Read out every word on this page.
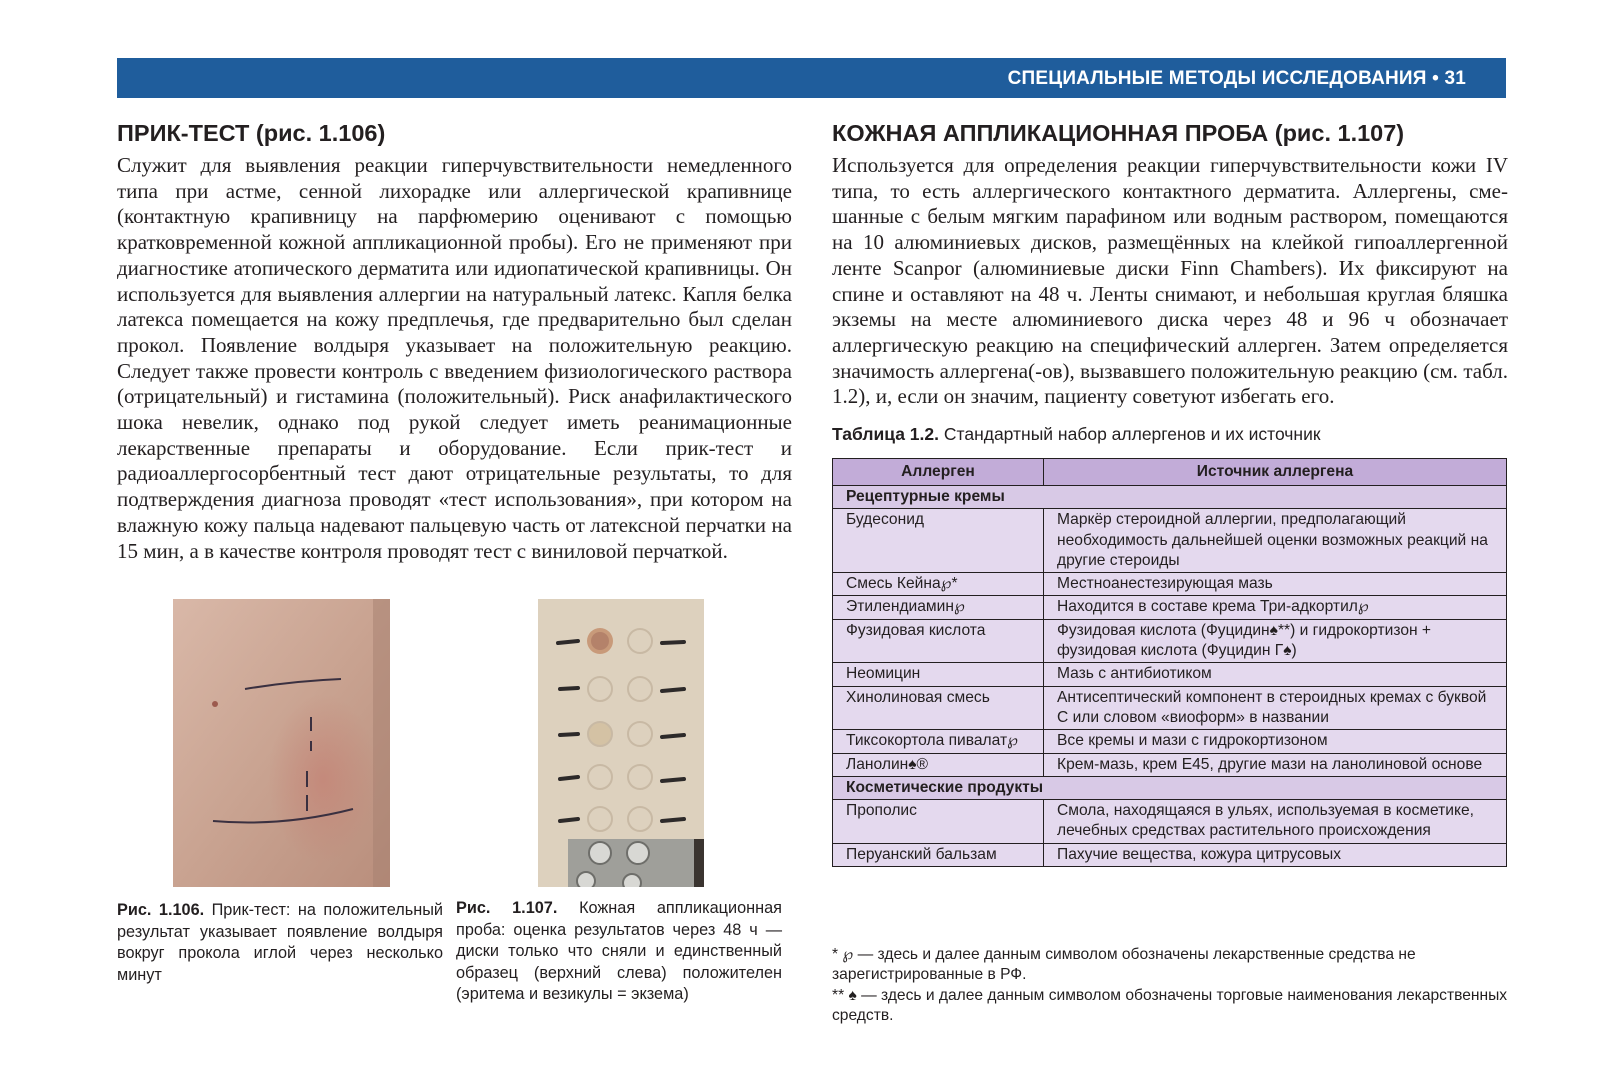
СПЕЦИАЛЬНЫЕ МЕТОДЫ ИССЛЕДОВАНИЯ • 31
ПРИК-ТЕСТ (рис. 1.106)

Служит для выявления реакции гиперчувствительности немедленного типа при астме, сенной лихорадке или аллергической крапивнице (контактную крапивницу на парфюмерию оценивают с помощью кратковременной кожной аппликационной пробы). Его не применяют при диагностике атопического дерматита или идиопатической крапивницы. Он используется для выявления аллергии на натуральный латекс. Капля белка латекса помещается на кожу предплечья, где предварительно был сделан прокол. Появление волдыря указывает на положительную реакцию. Следует также провести контроль с введением физиологического раствора (отрицательный) и гистамина (положительный). Риск анафилактического шока невелик, однако под рукой следует иметь реанимационные лекарственные препараты и оборудование. Если прик-тест и радиоаллергосорбентный тест дают отрицательные результаты, то для подтверждения диагноза проводят «тест использования», при котором на влажную кожу пальца надевают пальцевую часть от латексной перчатки на 15 мин, а в качестве контроля проводят тест с виниловой перчаткой.

Рис. 1.106. Прик-тест: на положительный результат указывает появление волдыря вокруг прокола иглой через несколько минут

Рис. 1.107. Кожная аппликационная проба: оценка результатов через 48 ч — диски только что сняли и единственный образец (верхний слева) положителен (эритема и везикулы = экзема)

КОЖНАЯ АППЛИКАЦИОННАЯ ПРОБА (рис. 1.107)

Используется для определения реакции гиперчувствительности кожи IV типа, то есть аллергического контактного дерматита. Аллергены, смешанные с белым мягким парафином или водным раствором, помещаются на 10 алюминиевых дисков, размещённых на клейкой гипоаллергенной ленте Scanpor (алюминиевые диски Finn Chambers). Их фиксируют на спине и оставляют на 48 ч. Ленты снимают, и небольшая круглая бляшка экземы на месте алюминиевого диска через 48 и 96 ч обозначает аллергическую реакцию на специфический аллерген. Затем определяется значимость аллергена(-ов), вызвавшего положительную реакцию (см. табл. 1.2), и, если он значим, пациенту советуют избегать его.

Таблица 1.2. Стандартный набор аллергенов и их источник
Аллерген	Источник аллергена
Рецептурные кремы	
Будесонид	Маркёр стероидной аллергии, предполагающий необходимость дальнейшей оценки возможных реакций на другие стероиды
Смесь Кейна℘*	Местноанестезирующая мазь
Этилендиамин℘	Находится в составе крема Три-адкортил℘
Фузидовая кислота	Фузидовая кислота (Фуцидин♠**) и гидрокортизон + фузидовая кислота (Фуцидин Г♠)
Неомицин	Мазь с антибиотиком
Хинолиновая смесь	Антисептический компонент в стероидных кремах с буквой С или словом «виоформ» в названии
Тиксокортола пивалат℘	Все кремы и мази с гидрокортизоном
Ланолин♠®	Крем-мазь, крем E45, другие мази на ланолиновой основе
Косметические продукты	
Прополис	Смола, находящаяся в ульях, используемая в косметике, лечебных средствах растительного происхождения
Перуанский бальзам	Пахучие вещества, кожура цитрусовых

* ℘ — здесь и далее данным символом обозначены лекарственные средства не зарегистрированные в РФ.

** ♠ — здесь и далее данным символом обозначены торговые наименования лекарственных средств.
